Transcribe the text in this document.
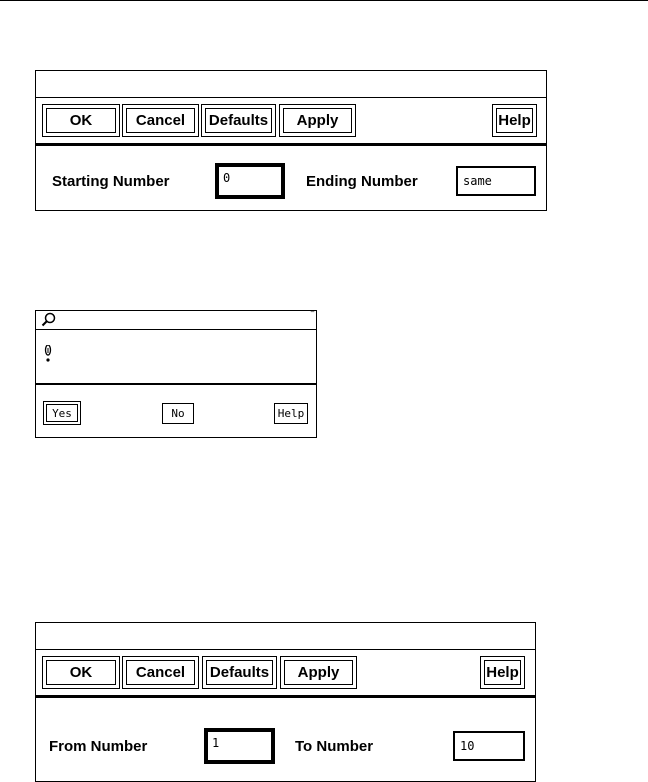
OK	Cancel	Defaults	Apply	Help
Starting Number	0	Ending Number	same
‾
Yes	No	Help
OK	Cancel	Defaults	Apply	Help
From Number	1	To Number	10
